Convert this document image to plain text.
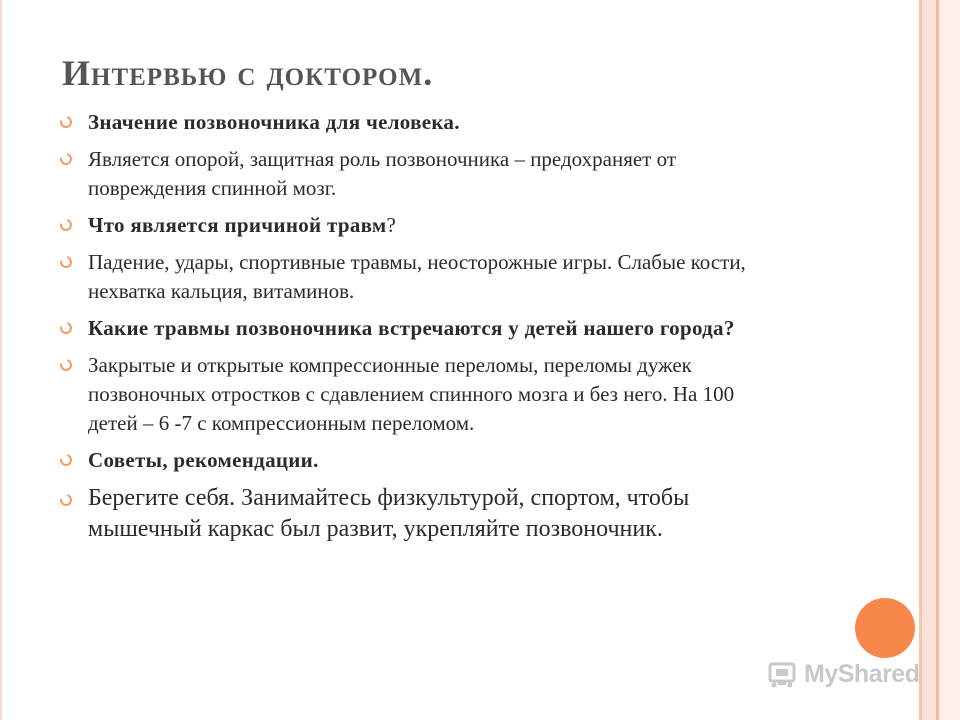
Интервью с доктором.
Значение позвоночника для человека.
Является опорой, защитная роль позвоночника – предохраняет от повреждения спинной мозг.
Что является причиной травм?
Падение, удары, спортивные травмы, неосторожные игры. Слабые кости, нехватка кальция, витаминов.
Какие травмы позвоночника встречаются у детей нашего города?
Закрытые и открытые компрессионные переломы, переломы дужек позвоночных отростков с сдавлением спинного мозга и без него. На 100 детей – 6 -7 с компрессионным переломом.
Советы, рекомендации.
Берегите себя. Занимайтесь физкультурой, спортом, чтобы мышечный каркас был развит, укрепляйте позвоночник.
MyShared
